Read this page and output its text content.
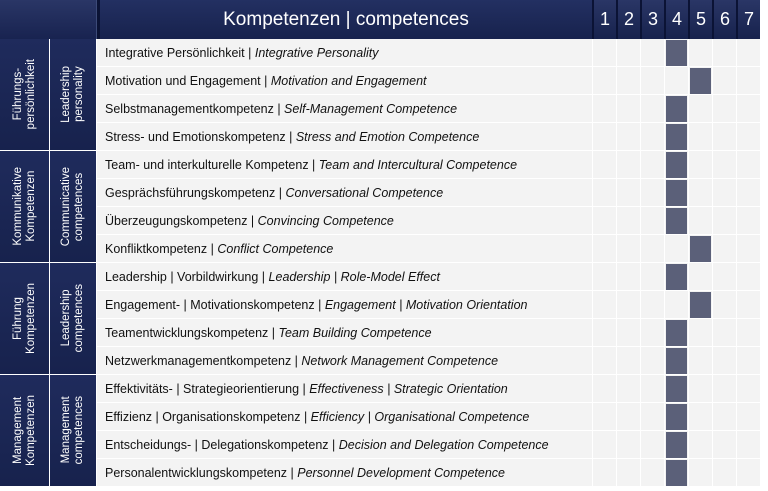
Kompetenzen | competences	1 2 3 4 5 6 7
Führungs-
persönlichkeit Leadership
personality
Integrative Persönlichkeit | Integrative Personality
Motivation und Engagement | Motivation and Engagement
Selbstmanagementkompetenz | Self-Management Competence
Stress- und Emotionskompetenz | Stress and Emotion Competence
Kommunikative
Kompetenzen Communicative
competences
Team- und interkulturelle Kompetenz | Team and Intercultural Competence
Gesprächsführungskompetenz | Conversational Competence
Überzeugungskompetenz | Convincing Competence
Konfliktkompetenz | Conflict Competence
Führung
Kompetenzen Leadership
competences
Leadership | Vorbildwirkung | Leadership | Role-Model Effect
Engagement- | Motivationskompetenz | Engagement | Motivation Orientation
Teamentwicklungskompetenz | Team Building Competence
Netzwerkmanagementkompetenz | Network Management Competence
Management
Kompetenzen Management
competences
Effektivitäts- | Strategieorientierung | Effectiveness | Strategic Orientation
Effizienz | Organisationskompetenz | Efficiency | Organisational Competence
Entscheidungs- | Delegationskompetenz | Decision and Delegation Competence
Personalentwicklungskompetenz | Personnel Development Competence
